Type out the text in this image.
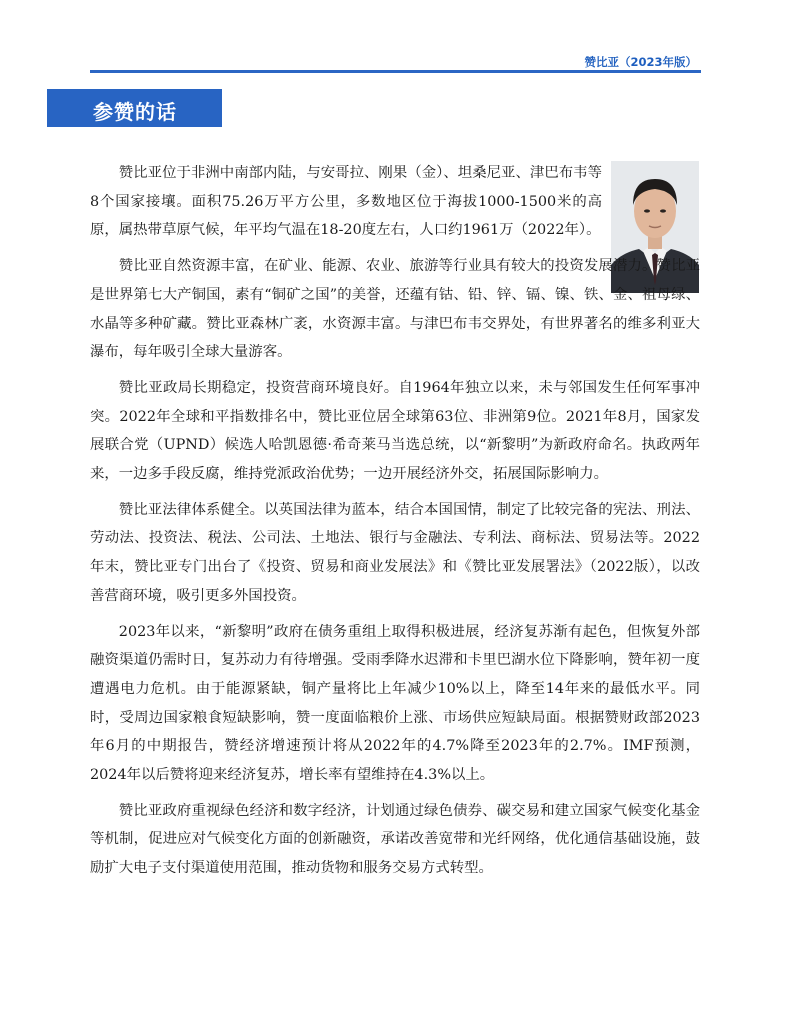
赞比亚（2023年版）
参赞的话

赞比亚位于非洲中南部内陆，与安哥拉、刚果（金）、坦桑尼亚、津巴布韦等8个国家接壤。面积75.26万平方公里，多数地区位于海拔1000-1500米的高原，属热带草原气候，年平均气温在18-20度左右，人口约1961万（2022年）。

赞比亚自然资源丰富，在矿业、能源、农业、旅游等行业具有较大的投资发展潜力。赞比亚是世界第七大产铜国，素有“铜矿之国”的美誉，还蕴有钴、铅、锌、镉、镍、铁、金、祖母绿、水晶等多种矿藏。赞比亚森林广袤，水资源丰富。与津巴布韦交界处，有世界著名的维多利亚大瀑布，每年吸引全球大量游客。

赞比亚政局长期稳定，投资营商环境良好。自1964年独立以来，未与邻国发生任何军事冲突。2022年全球和平指数排名中，赞比亚位居全球第63位、非洲第9位。2021年8月，国家发展联合党（UPND）候选人哈凯恩德·希奇莱马当选总统，以“新黎明”为新政府命名。执政两年来，一边多手段反腐，维持党派政治优势；一边开展经济外交，拓展国际影响力。

赞比亚法律体系健全。以英国法律为蓝本，结合本国国情，制定了比较完备的宪法、刑法、劳动法、投资法、税法、公司法、土地法、银行与金融法、专利法、商标法、贸易法等。2022年末，赞比亚专门出台了《投资、贸易和商业发展法》和《赞比亚发展署法》（2022版），以改善营商环境，吸引更多外国投资。

2023年以来，“新黎明”政府在债务重组上取得积极进展，经济复苏渐有起色，但恢复外部融资渠道仍需时日，复苏动力有待增强。受雨季降水迟滞和卡里巴湖水位下降影响，赞年初一度遭遇电力危机。由于能源紧缺，铜产量将比上年减少10%以上，降至14年来的最低水平。同时，受周边国家粮食短缺影响，赞一度面临粮价上涨、市场供应短缺局面。根据赞财政部2023年6月的中期报告，赞经济增速预计将从2022年的4.7%降至2023年的2.7%。IMF预测，2024年以后赞将迎来经济复苏，增长率有望维持在4.3%以上。

赞比亚政府重视绿色经济和数字经济，计划通过绿色债券、碳交易和建立国家气候变化基金等机制，促进应对气候变化方面的创新融资，承诺改善宽带和光纤网络，优化通信基础设施，鼓励扩大电子支付渠道使用范围，推动货物和服务交易方式转型。
